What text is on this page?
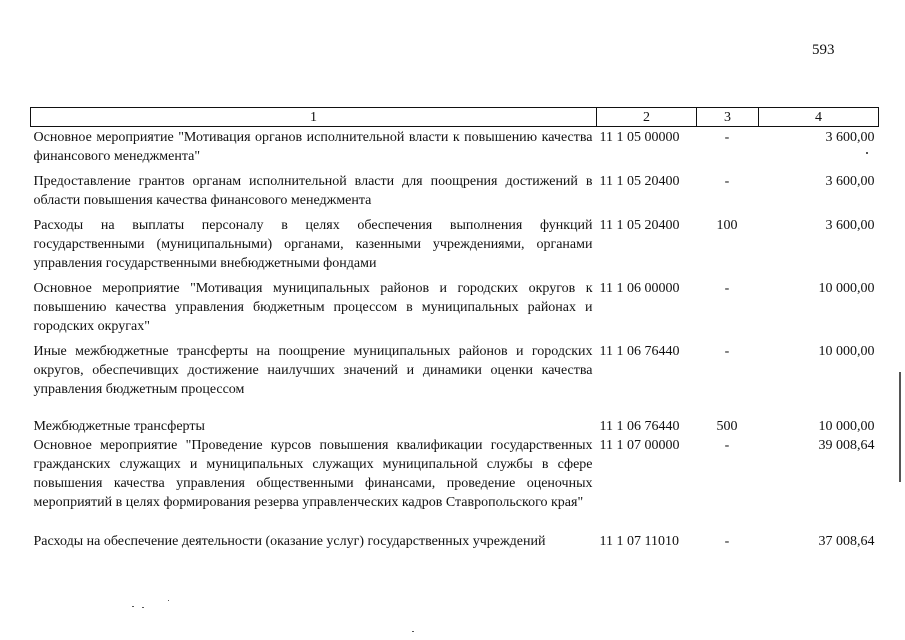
593
1	2	3	4
Основное мероприятие "Мотивация органов исполнительной власти к повышению качества финансового менеджмента"	11 1 05 00000	-	3 600,00
Предоставление грантов органам исполнительной власти для поощрения достижений в области повышения качества финансового менеджмента	11 1 05 20400	-	3 600,00
Расходы на выплаты персоналу в целях обеспечения выполнения функций государственными (муниципальными) органами, казенными учреждениями, органами управления государственными внебюджетными фондами	11 1 05 20400	100	3 600,00
Основное мероприятие "Мотивация муниципальных районов и городских округов к повышению качества управления бюджетным процессом в муниципальных районах и городских округах"	11 1 06 00000	-	10 000,00
Иные межбюджетные трансферты на поощрение муниципальных районов и городских округов, обеспечивщих достижение наилучших значений и динамики оценки качества управления бюджетным процессом	11 1 06 76440	-	10 000,00
Межбюджетные трансферты	11 1 06 76440	500	10 000,00
Основное мероприятие "Проведение курсов повышения квалификации государственных гражданских служащих и муниципальных служащих муниципальной службы в сфере повышения качества управления общественными финансами, проведение оценочных мероприятий в целях формирования резерва управленческих кадров Ставропольского края"	11 1 07 00000	-	39 008,64
Расходы на обеспечение деятельности (оказание услуг) государственных учреждений	11 1 07 11010	-	37 008,64
